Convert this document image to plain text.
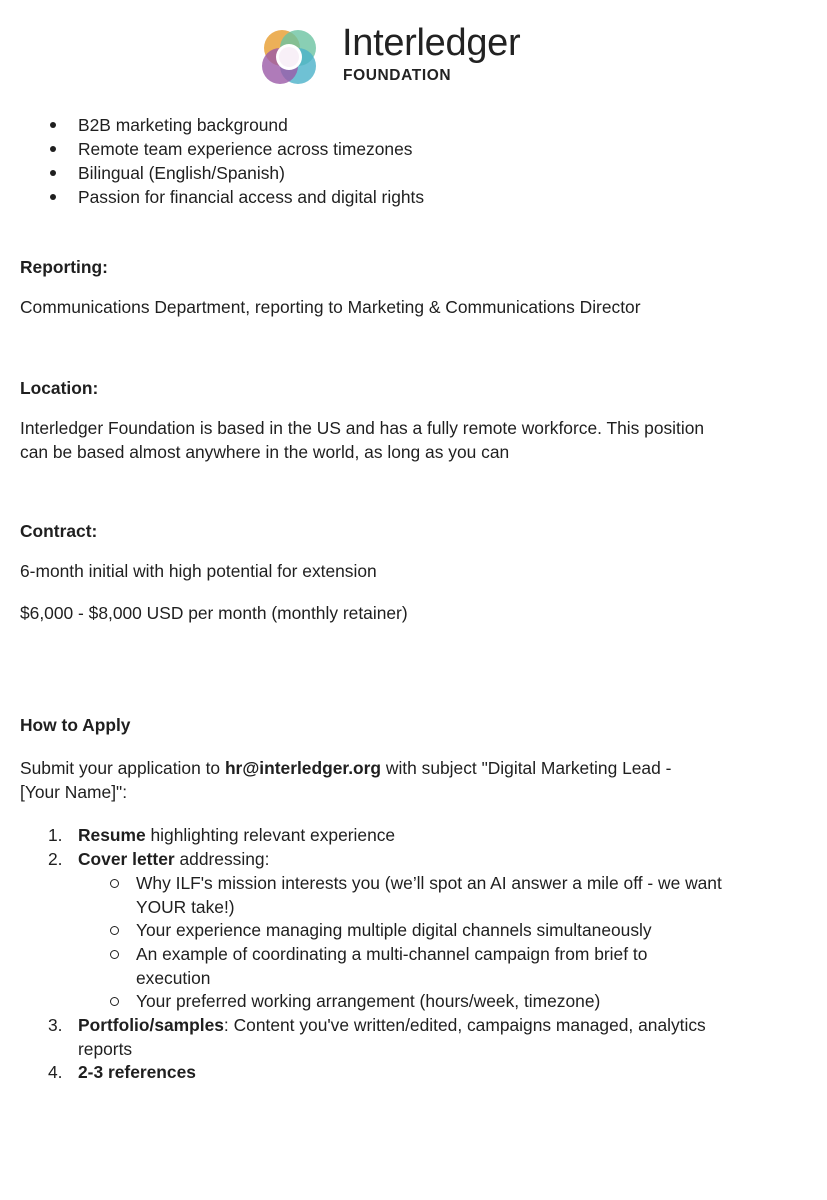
Interledger
FOUNDATION
B2B marketing background
Remote team experience across timezones
Bilingual (English/Spanish)
Passion for financial access and digital rights
Reporting:
Communications Department, reporting to Marketing & Communications Director
Location:
Interledger Foundation is based in the US and has a fully remote workforce. This position
can be based almost anywhere in the world, as long as you can
Contract:
6-month initial with high potential for extension
$6,000 - $8,000 USD per month (monthly retainer)
How to Apply
Submit your application to hr@interledger.org with subject "Digital Marketing Lead -
[Your Name]":
1. Resume highlighting relevant experience
2. Cover letter addressing:
Why ILF's mission interests you (we’ll spot an AI answer a mile off - we want
YOUR take!)
Your experience managing multiple digital channels simultaneously
An example of coordinating a multi-channel campaign from brief to
execution
Your preferred working arrangement (hours/week, timezone)
3. Portfolio/samples: Content you've written/edited, campaigns managed, analytics
reports
4. 2-3 references
